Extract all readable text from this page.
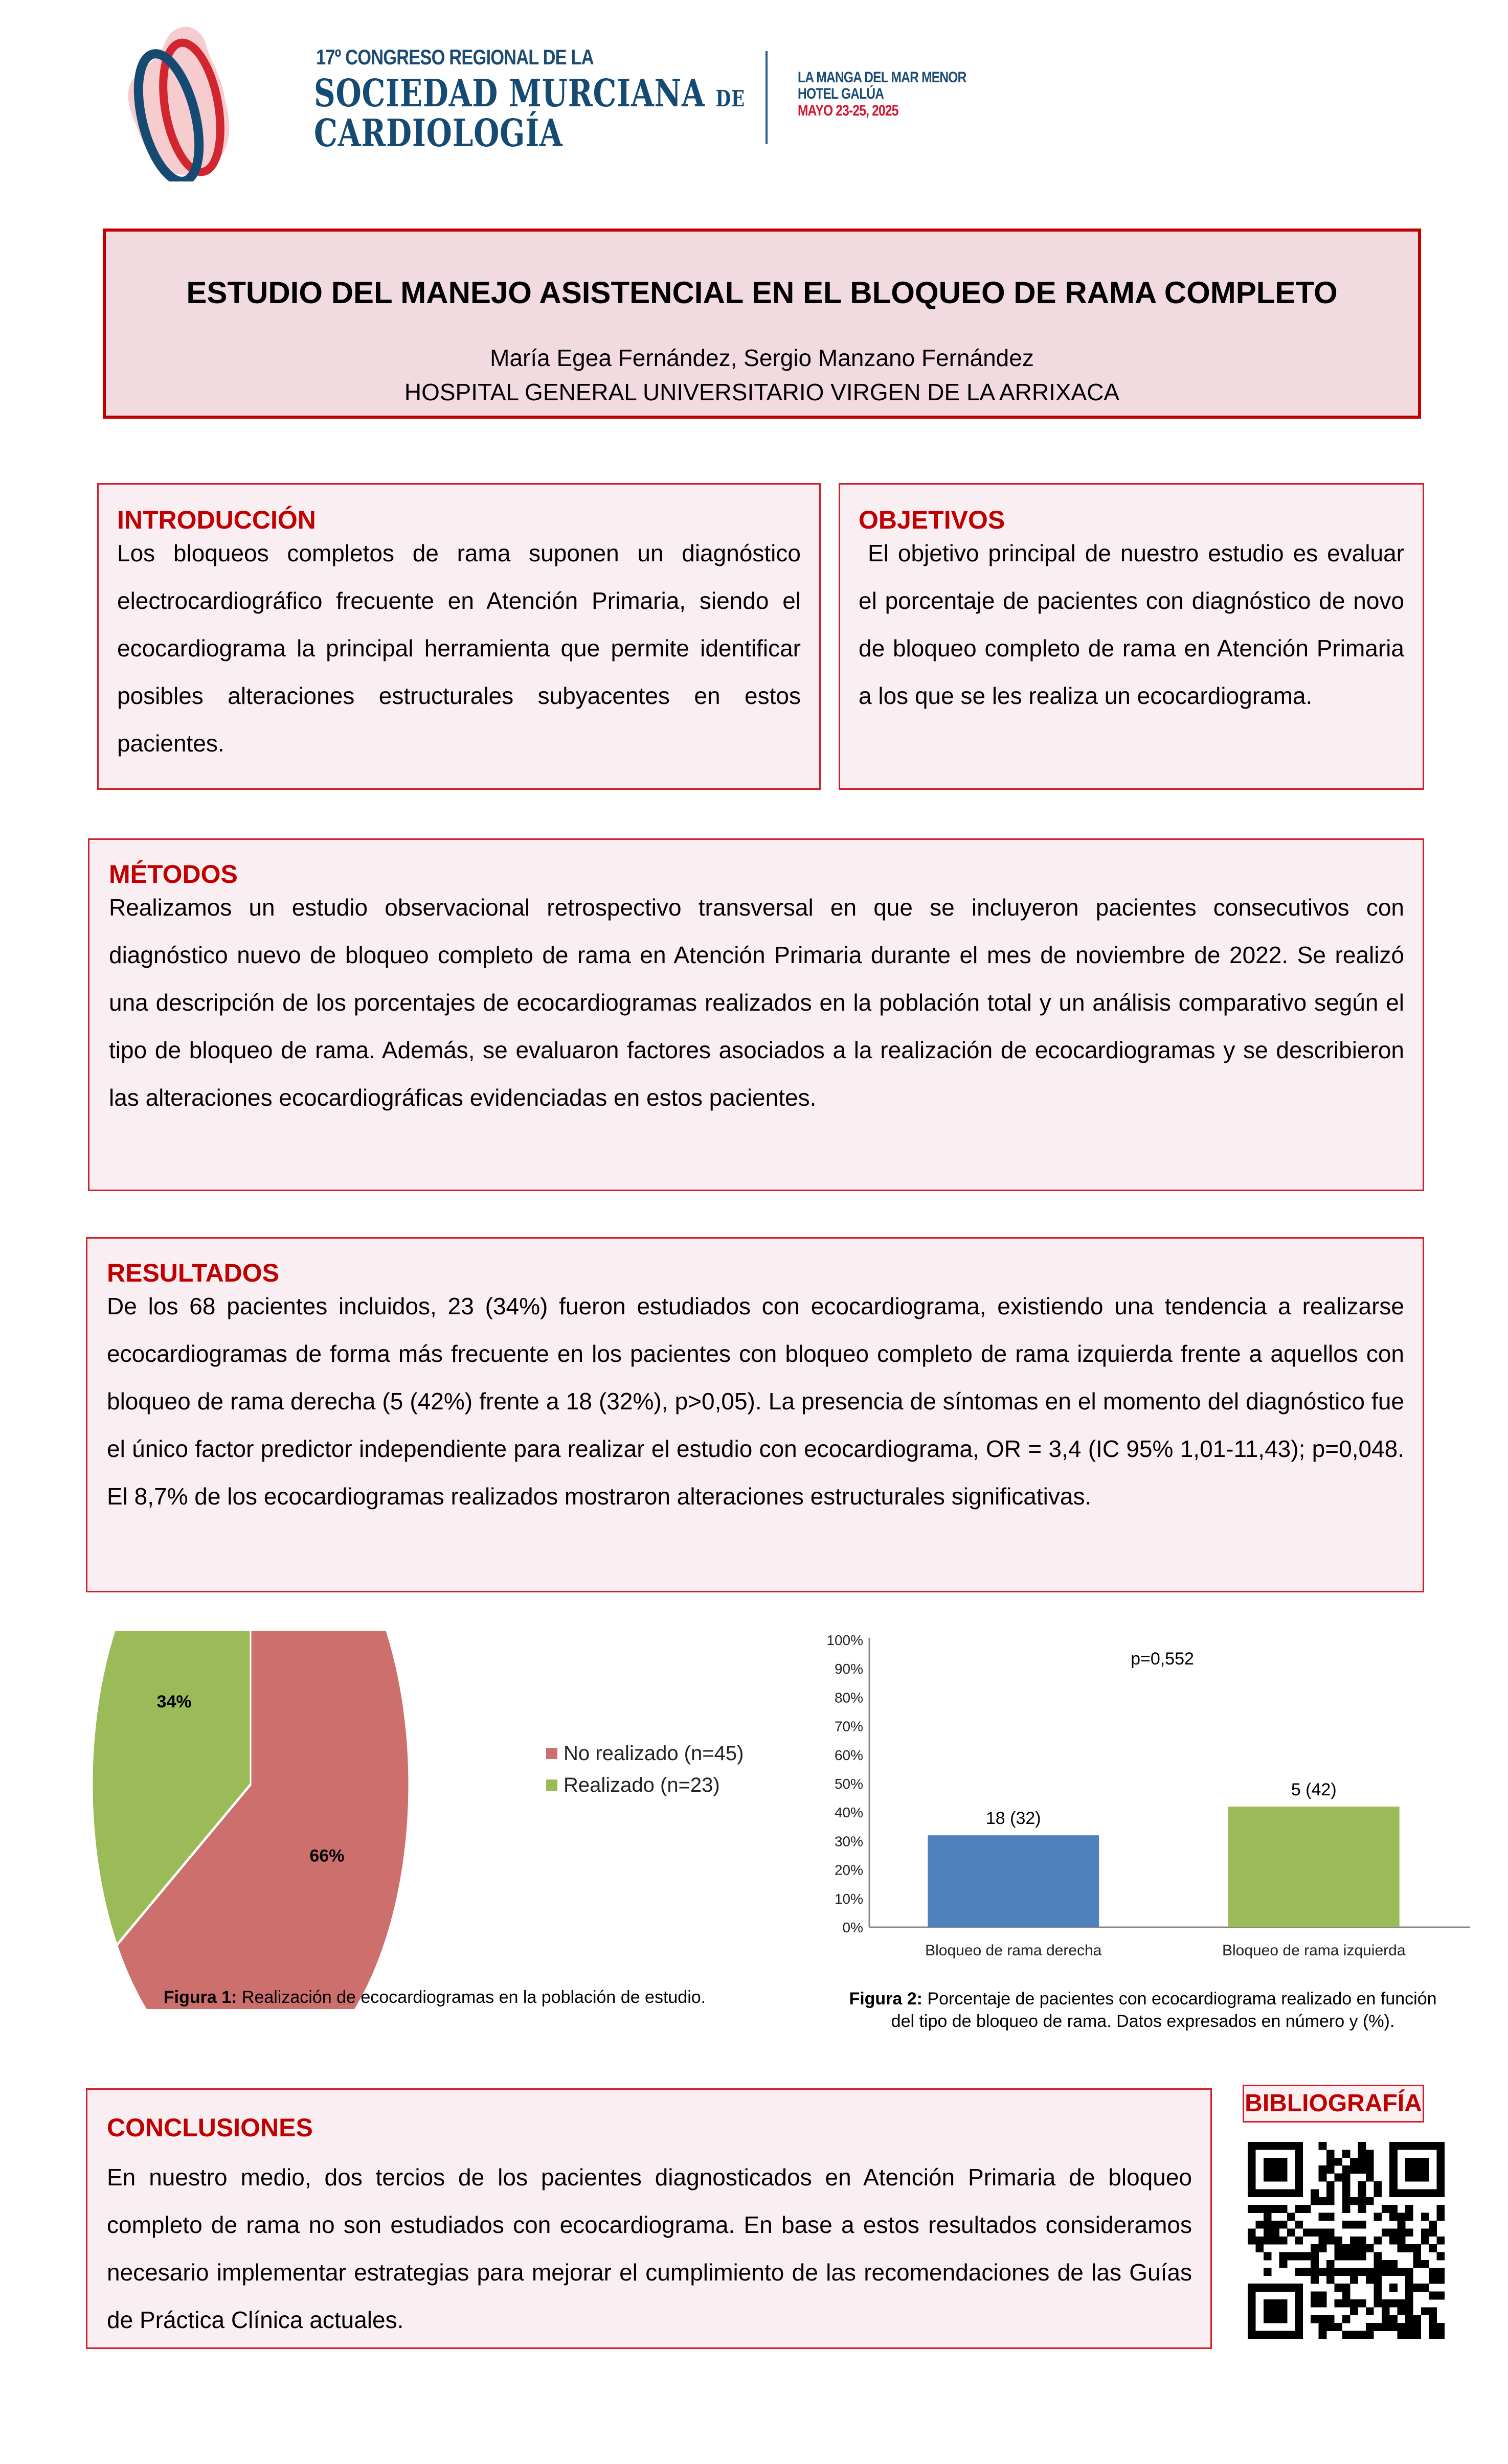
17º CONGRESO REGIONAL DE LA
SOCIEDAD MURCIANA DE
CARDIOLOGÍA
LA MANGA DEL MAR MENOR
HOTEL GALÚA
MAYO 23-25, 2025
ESTUDIO DEL MANEJO ASISTENCIAL EN EL BLOQUEO DE RAMA COMPLETO
María Egea Fernández, Sergio Manzano Fernández
HOSPITAL GENERAL UNIVERSITARIO VIRGEN DE LA ARRIXACA
INTRODUCCIÓN

Los bloqueos completos de rama suponen un diagnóstico electrocardiográfico frecuente en Atención Primaria, siendo el ecocardiograma la principal herramienta que permite identificar posibles alteraciones estructurales subyacentes en estos pacientes.

OBJETIVOS

El objetivo principal de nuestro estudio es evaluar el porcentaje de pacientes con diagnóstico de novo de bloqueo completo de rama en Atención Primaria a los que se les realiza un ecocardiograma.

MÉTODOS

Realizamos un estudio observacional retrospectivo transversal en que se incluyeron pacientes consecutivos con diagnóstico nuevo de bloqueo completo de rama en Atención Primaria durante el mes de noviembre de 2022. Se realizó una descripción de los porcentajes de ecocardiogramas realizados en la población total y un análisis comparativo según el tipo de bloqueo de rama. Además, se evaluaron factores asociados a la realización de ecocardiogramas y se describieron las alteraciones ecocardiográficas evidenciadas en estos pacientes.

RESULTADOS

De los 68 pacientes incluidos, 23 (34%) fueron estudiados con ecocardiograma, existiendo una tendencia a realizarse ecocardiogramas de forma más frecuente en los pacientes con bloqueo completo de rama izquierda frente a aquellos con bloqueo de rama derecha (5 (42%) frente a 18 (32%), p>0,05). La presencia de síntomas en el momento del diagnóstico fue el único factor predictor independiente para realizar el estudio con ecocardiograma, OR = 3,4 (IC 95% 1,01-11,43); p=0,048. El 8,7% de los ecocardiogramas realizados mostraron alteraciones estructurales significativas.

66%
34%
No realizado (n=45)
Realizado (n=23)
0%
10%
20%
30%
40%
50%
60%
70%
80%
90%
100%
18 (32)
5 (42)
Bloqueo de rama derecha	Bloqueo de rama izquierda
p=0,552
Figura 1: Realización de ecocardiogramas en la población de estudio.	Figura 2: Porcentaje de pacientes con ecocardiograma realizado en función del tipo de bloqueo de rama. Datos expresados en número y (%).
CONCLUSIONES

En nuestro medio, dos tercios de los pacientes diagnosticados en Atención Primaria de bloqueo completo de rama no son estudiados con ecocardiograma. En base a estos resultados consideramos necesario implementar estrategias para mejorar el cumplimiento de las recomendaciones de las Guías de Práctica Clínica actuales.

BIBLIOGRAFÍA
